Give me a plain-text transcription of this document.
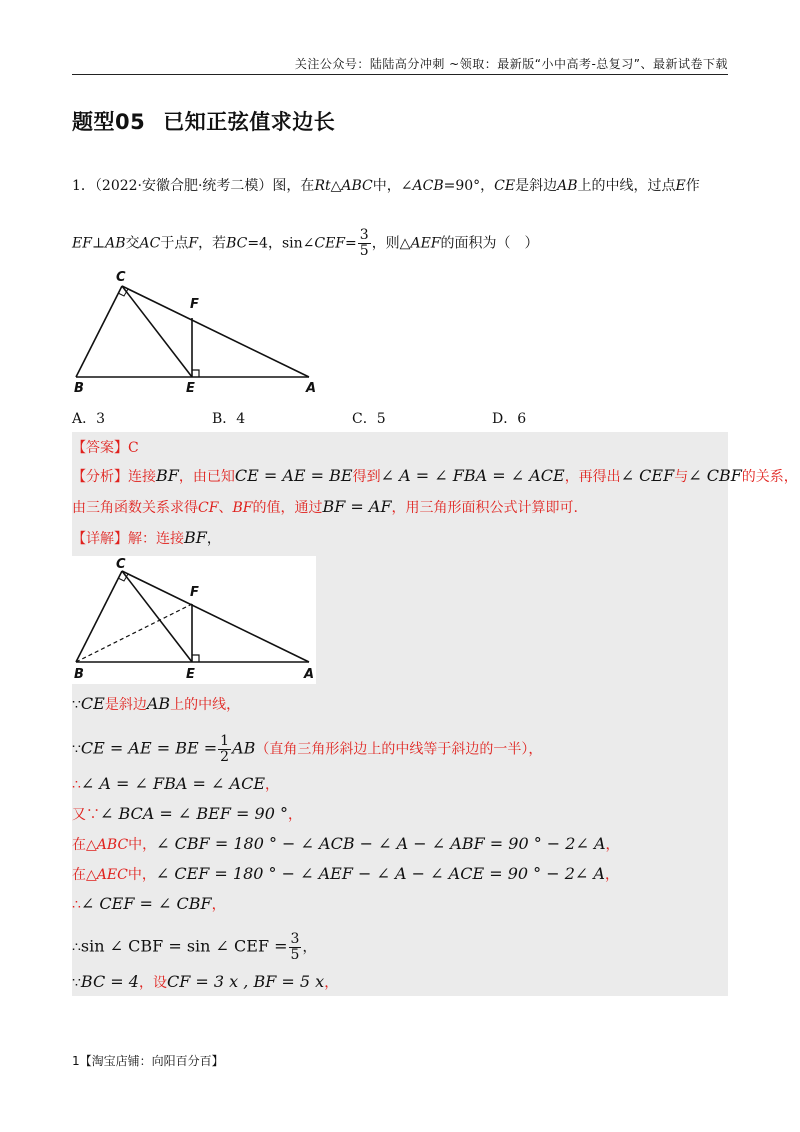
关注公众号：陆陆高分冲刺 ~领取：最新版“小中高考-总复习”、最新试卷下载
题型05 已知正弦值求边长
1．（2022·安徽合肥·统考二模）图，在Rt△ABC中，∠ACB=90°，CE是斜边AB上的中线，过点E作
EF⊥AB交AC于点F，若BC=4，sin∠CEF= $\frac{3}{5}$ ，则△AEF的面积为（　）
C
F
B	E	A
A．3	B．4	C．5	D．6
【答案】C
【分析】连接BF，由已知CE = AE = BE得到∠ A = ∠ FBA = ∠ ACE，再得出∠ CEF与∠ CBF的关系，
由三角函数关系求得CF、BF的值，通过BF = AF，用三角形面积公式计算即可.
【详解】解：连接BF，
C
F
B	E	A
∵CE是斜边AB上的中线，
∵CE = AE = BE = $\frac{1}{2} AB$（直角三角形斜边上的中线等于斜边的一半），
∴∠ A = ∠ FBA = ∠ ACE，
又∵∠ BCA = ∠ BEF = 90 °，
在△ABC中，∠ CBF = 180 ° − ∠ ACB − ∠ A − ∠ ABF = 90 ° − 2∠ A，
在△AEC中，∠ CEF = 180 ° − ∠ AEF − ∠ A − ∠ ACE = 90 ° − 2∠ A，
∴∠ CEF = ∠ CBF，
∴sin ∠ CBF = sin ∠ CEF = $\frac{3}{5}$ ，
∵BC = 4，设CF = 3 x , BF = 5 x，
1【淘宝店铺：向阳百分百】
